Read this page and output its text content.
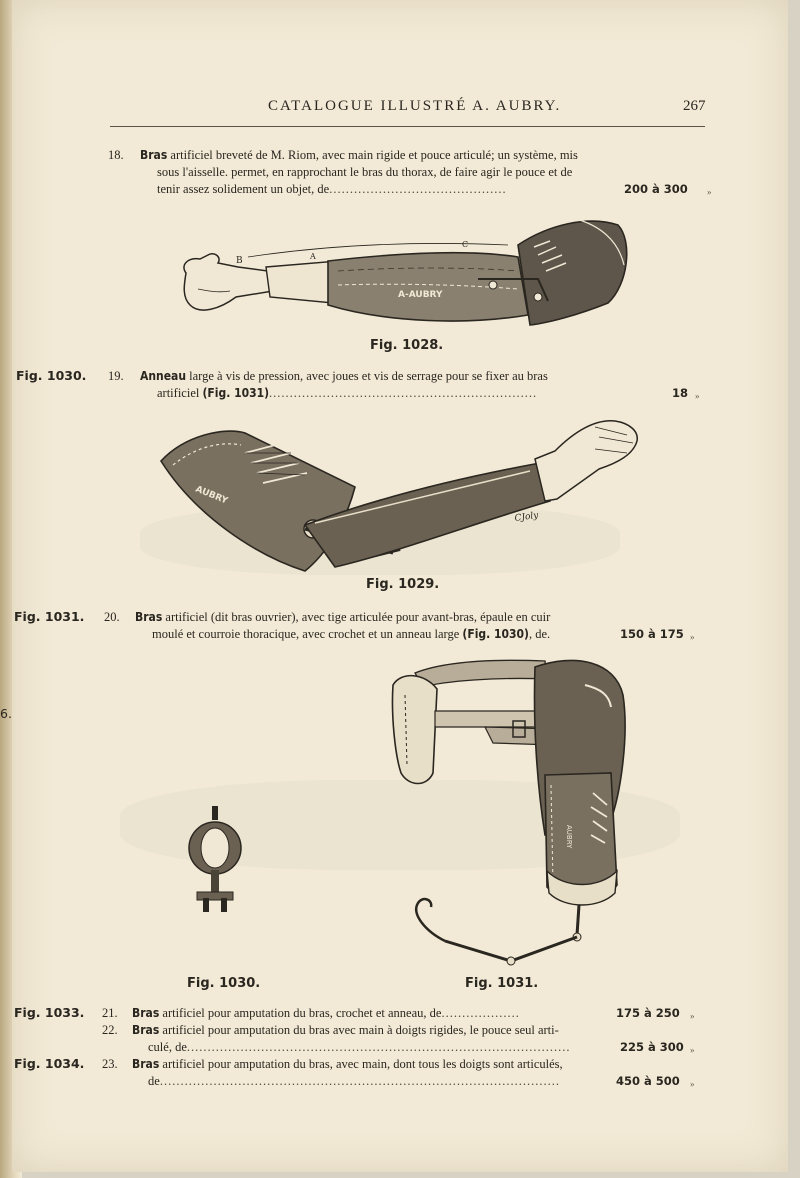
CATALOGUE ILLUSTRÉ A. AUBRY.	267
18. Bras artificiel breveté de M. Riom, avec main rigide et pouce articulé; un système, mis
sous l'aisselle. permet, en rapprochant le bras du thorax, de faire agir le pouce et de
tenir assez solidement un objet, de...........................................	200 à 300 »
A-AUBRY
B	A
C
Fig. 1028.
Fig. 1030. 19. Anneau large à vis de pression, avec joues et vis de serrage pour se fixer au bras
artificiel (Fig. 1031).................................................................	18 »
AUBRY
CJoly
Fig. 1029.
Fig. 1031. 20. Bras artificiel (dit bras ouvrier), avec tige articulée pour avant-bras, épaule en cuir
moulé et courroie thoracique, avec crochet et un anneau large (Fig. 1030), de.	150 à 175 »
6.
AUBRY
Fig. 1030.	Fig. 1031.
Fig. 1033. 21. Bras artificiel pour amputation du bras, crochet et anneau, de...................	175 à 250 »
22. Bras artificiel pour amputation du bras avec main à doigts rigides, le pouce seul arti-
culé, de.............................................................................................	225 à 300 »
Fig. 1034. 23. Bras artificiel pour amputation du bras, avec main, dont tous les doigts sont articulés,
de.................................................................................................	450 à 500 »
